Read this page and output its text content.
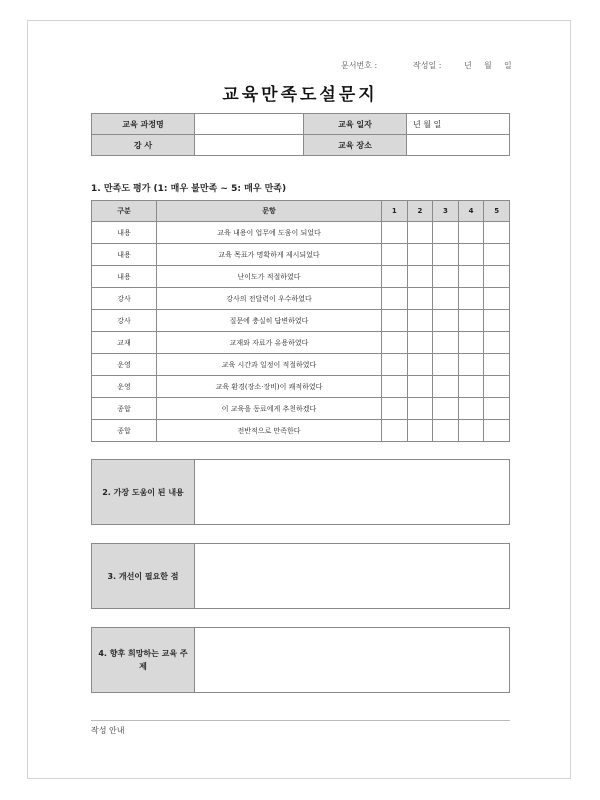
문서번호 :	작성일 :	년 월 일
교육만족도설문지
교육 과정명		교육 일자	년 월 일
강 사		교육 장소	
1. 만족도 평가 (1: 매우 불만족 ~ 5: 매우 만족)
구분	문항	1	2	3	4	5
내용	교육 내용이 업무에 도움이 되었다					
내용	교육 목표가 명확하게 제시되었다					
내용	난이도가 적절하였다					
강사	강사의 전달력이 우수하였다					
강사	질문에 충실히 답변하였다					
교재	교재와 자료가 유용하였다					
운영	교육 시간과 일정이 적절하였다					
운영	교육 환경(장소·장비)이 쾌적하였다					
종합	이 교육을 동료에게 추천하겠다					
종합	전반적으로 만족한다					
2. 가장 도움이 된 내용
3. 개선이 필요한 점
4. 향후 희망하는 교육 주제
작성 안내
